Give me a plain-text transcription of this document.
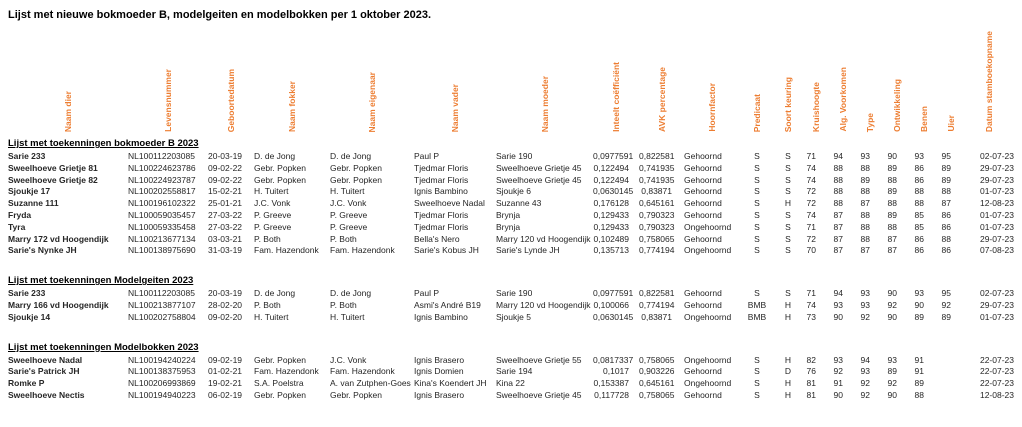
Lijst met nieuwe bokmoeder B, modelgeiten en modelbokken per 1 oktober 2023.
Naam dier	Levensnummer	Geboortedatum	Naam fokker	Naam eigenaar	Naam vader	Naam moeder	Inteelt coëfficiënt	AVK percentage	Hoornfactor	Predicaat	Soort keuring	Kruishoogte	Alg. Voorkomen	Type	Ontwikkeling	Benen	Uier	Datum stamboekopname
Lijst met toekenningen bokmoeder B 2023																		
Sarie 233	NL100112203085	20-03-19	D. de Jong	D. de Jong	Paul P	Sarie 190	0,0977591	0,822581	Gehoornd	S	S	71	94	93	90	93	95	02-07-23
Sweelhoeve Grietje 81	NL100224623786	09-02-22	Gebr. Popken	Gebr. Popken	Tjedmar Floris	Sweelhoeve Grietje 45	0,122494	0,741935	Gehoornd	S	S	74	88	88	89	86	89	29-07-23
Sweelhoeve Grietje 82	NL100224923787	09-02-22	Gebr. Popken	Gebr. Popken	Tjedmar Floris	Sweelhoeve Grietje 45	0,122494	0,741935	Gehoornd	S	S	74	88	89	88	86	89	29-07-23
Sjoukje 17	NL100202558817	15-02-21	H. Tuitert	H. Tuitert	Ignis Bambino	Sjoukje 6	0,0630145	0,83871	Gehoornd	S	S	72	88	88	89	88	88	01-07-23
Suzanne 111	NL100196102322	25-01-21	J.C. Vonk	J.C. Vonk	Sweelhoeve Nadal	Suzanne 43	0,176128	0,645161	Gehoornd	S	H	72	88	87	88	88	87	12-08-23
Fryda	NL100059035457	27-03-22	P. Greeve	P. Greeve	Tjedmar Floris	Brynja	0,129433	0,790323	Gehoornd	S	S	74	87	88	89	85	86	01-07-23
Tyra	NL100059335458	27-03-22	P. Greeve	P. Greeve	Tjedmar Floris	Brynja	0,129433	0,790323	Ongehoornd	S	S	71	87	88	88	85	86	01-07-23
Marry 172 vd Hoogendijk	NL100213677134	03-03-21	P. Both	P. Both	Bella's Nero	Marry 120 vd Hoogendijk	0,102489	0,758065	Gehoornd	S	S	72	87	88	87	86	88	29-07-23
Sarie's Nynke JH	NL100138975690	31-03-19	Fam. Hazendonk	Fam. Hazendonk	Sarie's Kobus JH	Sarie's Lynde JH	0,135713	0,774194	Ongehoornd	S	S	70	87	87	87	86	86	07-08-23
Lijst met toekenningen Modelgeiten 2023																		
Sarie 233	NL100112203085	20-03-19	D. de Jong	D. de Jong	Paul P	Sarie 190	0,0977591	0,822581	Gehoornd	S	S	71	94	93	90	93	95	02-07-23
Marry 166 vd Hoogendijk	NL100213877107	28-02-20	P. Both	P. Both	Asmi's André B19	Marry 120 vd Hoogendijk	0,100066	0,774194	Gehoornd	BMB	H	74	93	93	92	90	92	29-07-23
Sjoukje 14	NL100202758804	09-02-20	H. Tuitert	H. Tuitert	Ignis Bambino	Sjoukje 5	0,0630145	0,83871	Ongehoornd	BMB	H	73	90	92	90	89	89	01-07-23
Lijst met toekenningen Modelbokken 2023																		
Sweelhoeve Nadal	NL100194240224	09-02-19	Gebr. Popken	J.C. Vonk	Ignis Brasero	Sweelhoeve Grietje 55	0,0817337	0,758065	Ongehoornd	S	H	82	93	94	93	91		22-07-23
Sarie's Patrick JH	NL100138375953	01-02-21	Fam. Hazendonk	Fam. Hazendonk	Ignis Domien	Sarie 194	0,1017	0,903226	Gehoornd	S	D	76	92	93	89	91		22-07-23
Romke P	NL100206993869	19-02-21	S.A. Poelstra	A. van Zutphen-Goes	Kina's Koendert JH	Kina 22	0,153387	0,645161	Ongehoornd	S	H	81	91	92	92	89		22-07-23
Sweelhoeve Nectis	NL100194940223	06-02-19	Gebr. Popken	Gebr. Popken	Ignis Brasero	Sweelhoeve Grietje 45	0,117728	0,758065	Gehoornd	S	H	81	90	92	90	88		12-08-23
